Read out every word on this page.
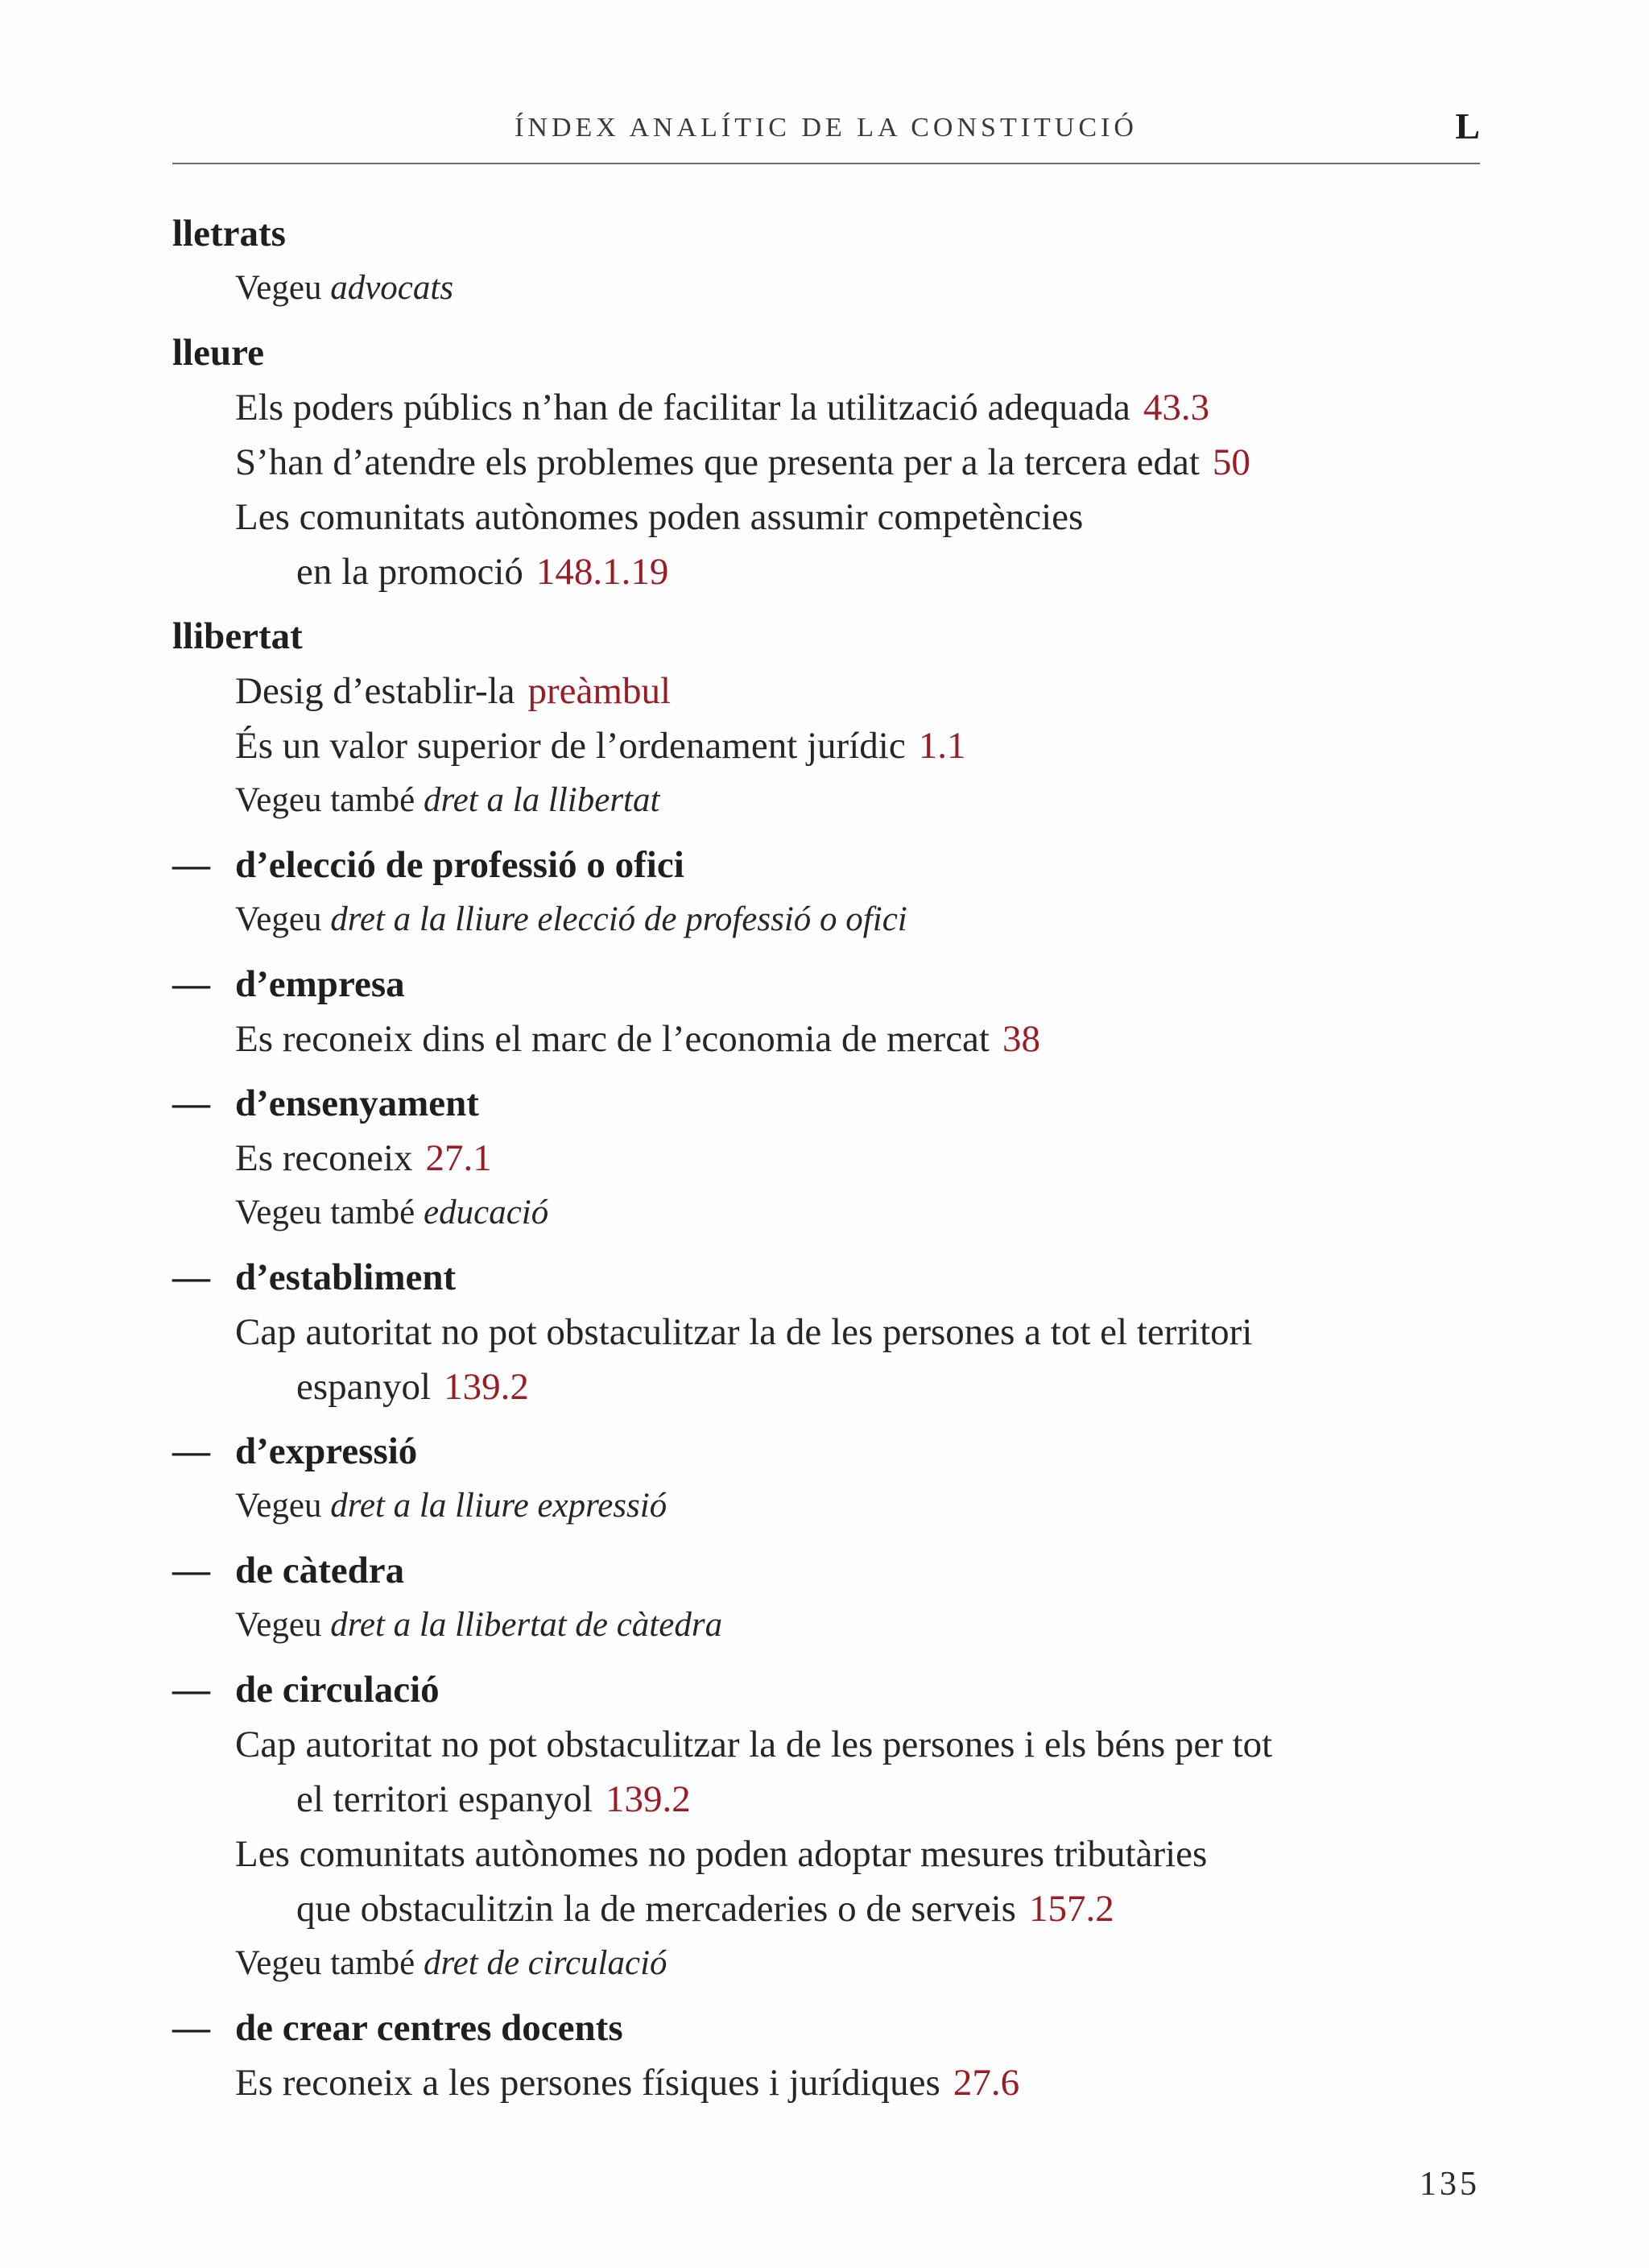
ÍNDEX ANALÍTIC DE LA CONSTITUCIÓ	L
lletrats
Vegeu advocats
lleure
Els poders públics n’han de facilitar la utilització adequada 43.3
S’han d’atendre els problemes que presenta per a la tercera edat 50
Les comunitats autònomes poden assumir competències
en la promoció 148.1.19
llibertat
Desig d’establir-la preàmbul
És un valor superior de l’ordenament jurídic 1.1
Vegeu també dret a la llibertat
— d’elecció de professió o ofici
Vegeu dret a la lliure elecció de professió o ofici
— d’empresa
Es reconeix dins el marc de l’economia de mercat 38
— d’ensenyament
Es reconeix 27.1
Vegeu també educació
— d’establiment
Cap autoritat no pot obstaculitzar la de les persones a tot el territori
espanyol 139.2
— d’expressió
Vegeu dret a la lliure expressió
— de càtedra
Vegeu dret a la llibertat de càtedra
— de circulació
Cap autoritat no pot obstaculitzar la de les persones i els béns per tot
el territori espanyol 139.2
Les comunitats autònomes no poden adoptar mesures tributàries
que obstaculitzin la de mercaderies o de serveis 157.2
Vegeu també dret de circulació
— de crear centres docents
Es reconeix a les persones físiques i jurídiques 27.6
135
